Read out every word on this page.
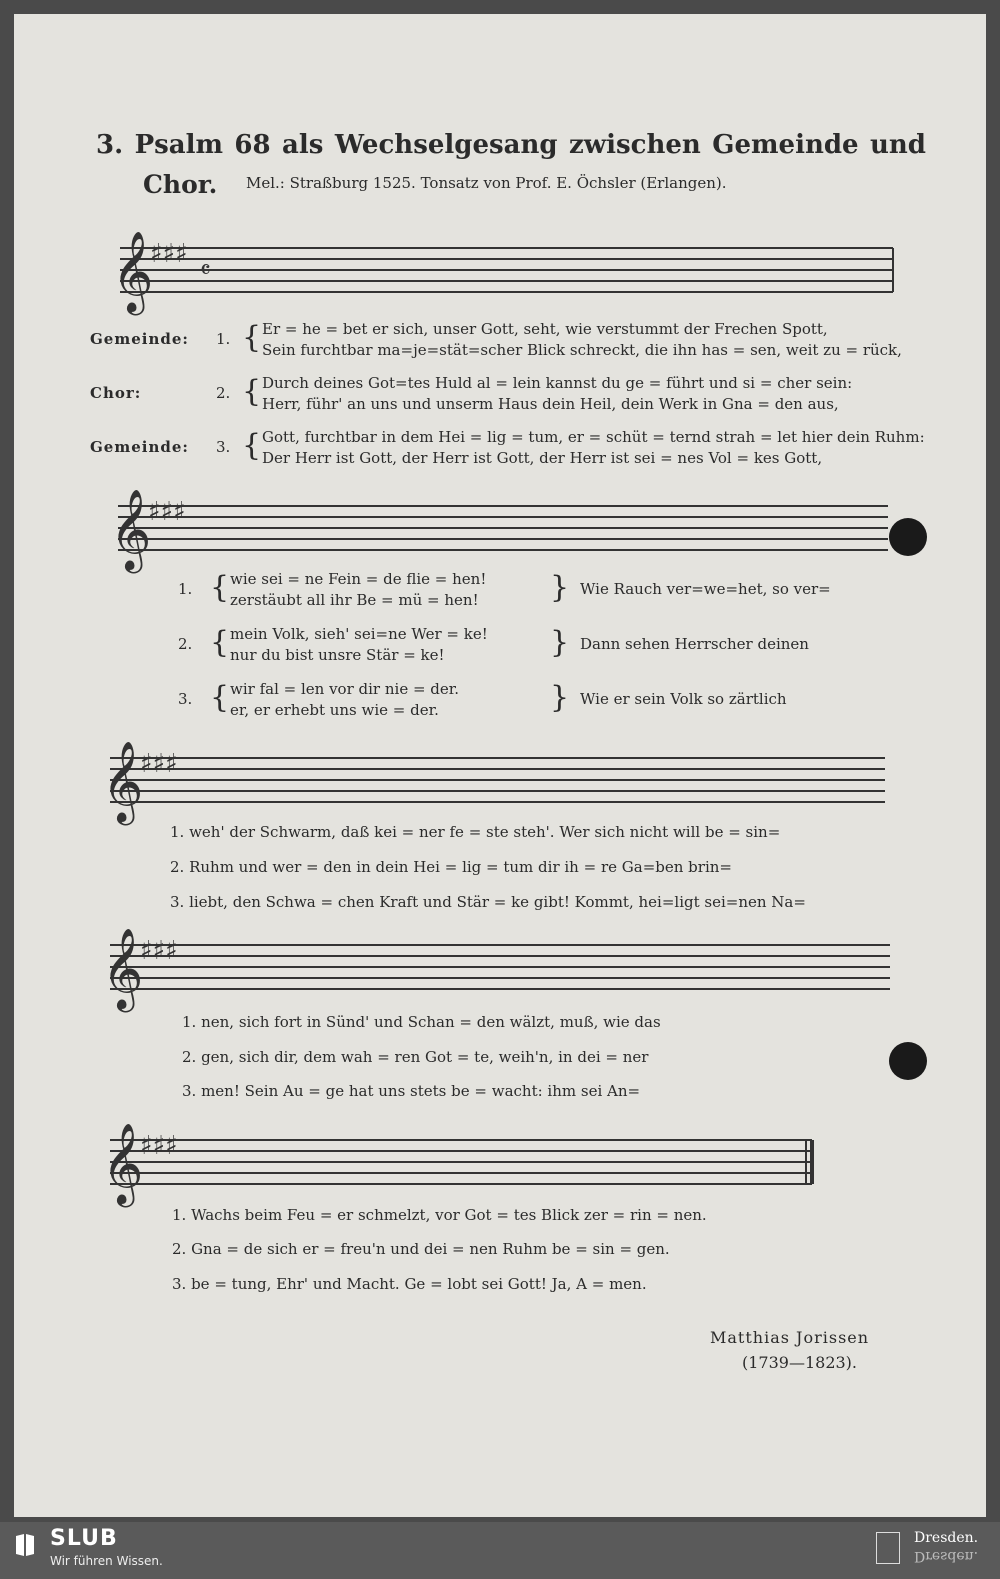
3. Psalm 68 als Wechselgesang zwischen Gemeinde und
Chor. Mel.: Straßburg 1525. Tonsatz von Prof. E. Öchsler (Erlangen).
𝄞
♯♯♯
𝄴
Gemeinde: 1. { Er = he = bet er sich, unser Gott, seht, wie verstummt der Frechen Spott,
Sein furchtbar ma=je=stät=scher Blick schreckt, die ihn has = sen, weit zu = rück,
Chor:	2. { Durch deines Got=tes Huld al = lein kannst du ge = führt und si = cher sein:
Herr, führ' an uns und unserm Haus dein Heil, dein Werk in Gna = den aus,
Gemeinde: 3. { Gott, furchtbar in dem Hei = lig = tum, er = schüt = ternd strah = let hier dein Ruhm:
Der Herr ist Gott, der Herr ist Gott, der Herr ist sei = nes Vol = kes Gott,
𝄞
♯♯♯
1. { wie sei = ne Fein = de flie = hen!
zerstäubt all ihr Be = mü = hen! } Wie Rauch ver=we=het, so ver=
2. { mein Volk, sieh' sei=ne Wer = ke!
nur du bist unsre Stär = ke!	} Dann sehen Herrscher deinen
3. { wir fal = len vor dir nie = der.
er, er erhebt uns wie = der.	} Wie er sein Volk so zärtlich
𝄞
♯♯♯
1. weh' der Schwarm, daß kei = ner fe = ste steh'. Wer sich nicht will be = sin=
2. Ruhm und wer = den in dein Hei = lig = tum dir ih = re Ga=ben brin=
3. liebt, den Schwa = chen Kraft und Stär = ke gibt! Kommt, hei=ligt sei=nen Na=
𝄞
♯♯♯
1. nen, sich fort in Sünd' und Schan = den wälzt, muß, wie das
2. gen, sich dir, dem wah = ren Got = te, weih'n, in dei = ner
3. men! Sein Au = ge hat uns stets be = wacht: ihm sei An=
𝄞
♯♯♯
1. Wachs beim Feu = er schmelzt, vor Got = tes Blick zer = rin = nen.
2. Gna = de sich er = freu'n und dei = nen Ruhm be = sin = gen.
3. be = tung, Ehr' und Macht. Ge = lobt sei Gott! Ja, A = men.
Matthias Jorissen
(1739—1823).
SLUB
Wir führen Wissen.
Dresden.
Dresden.
